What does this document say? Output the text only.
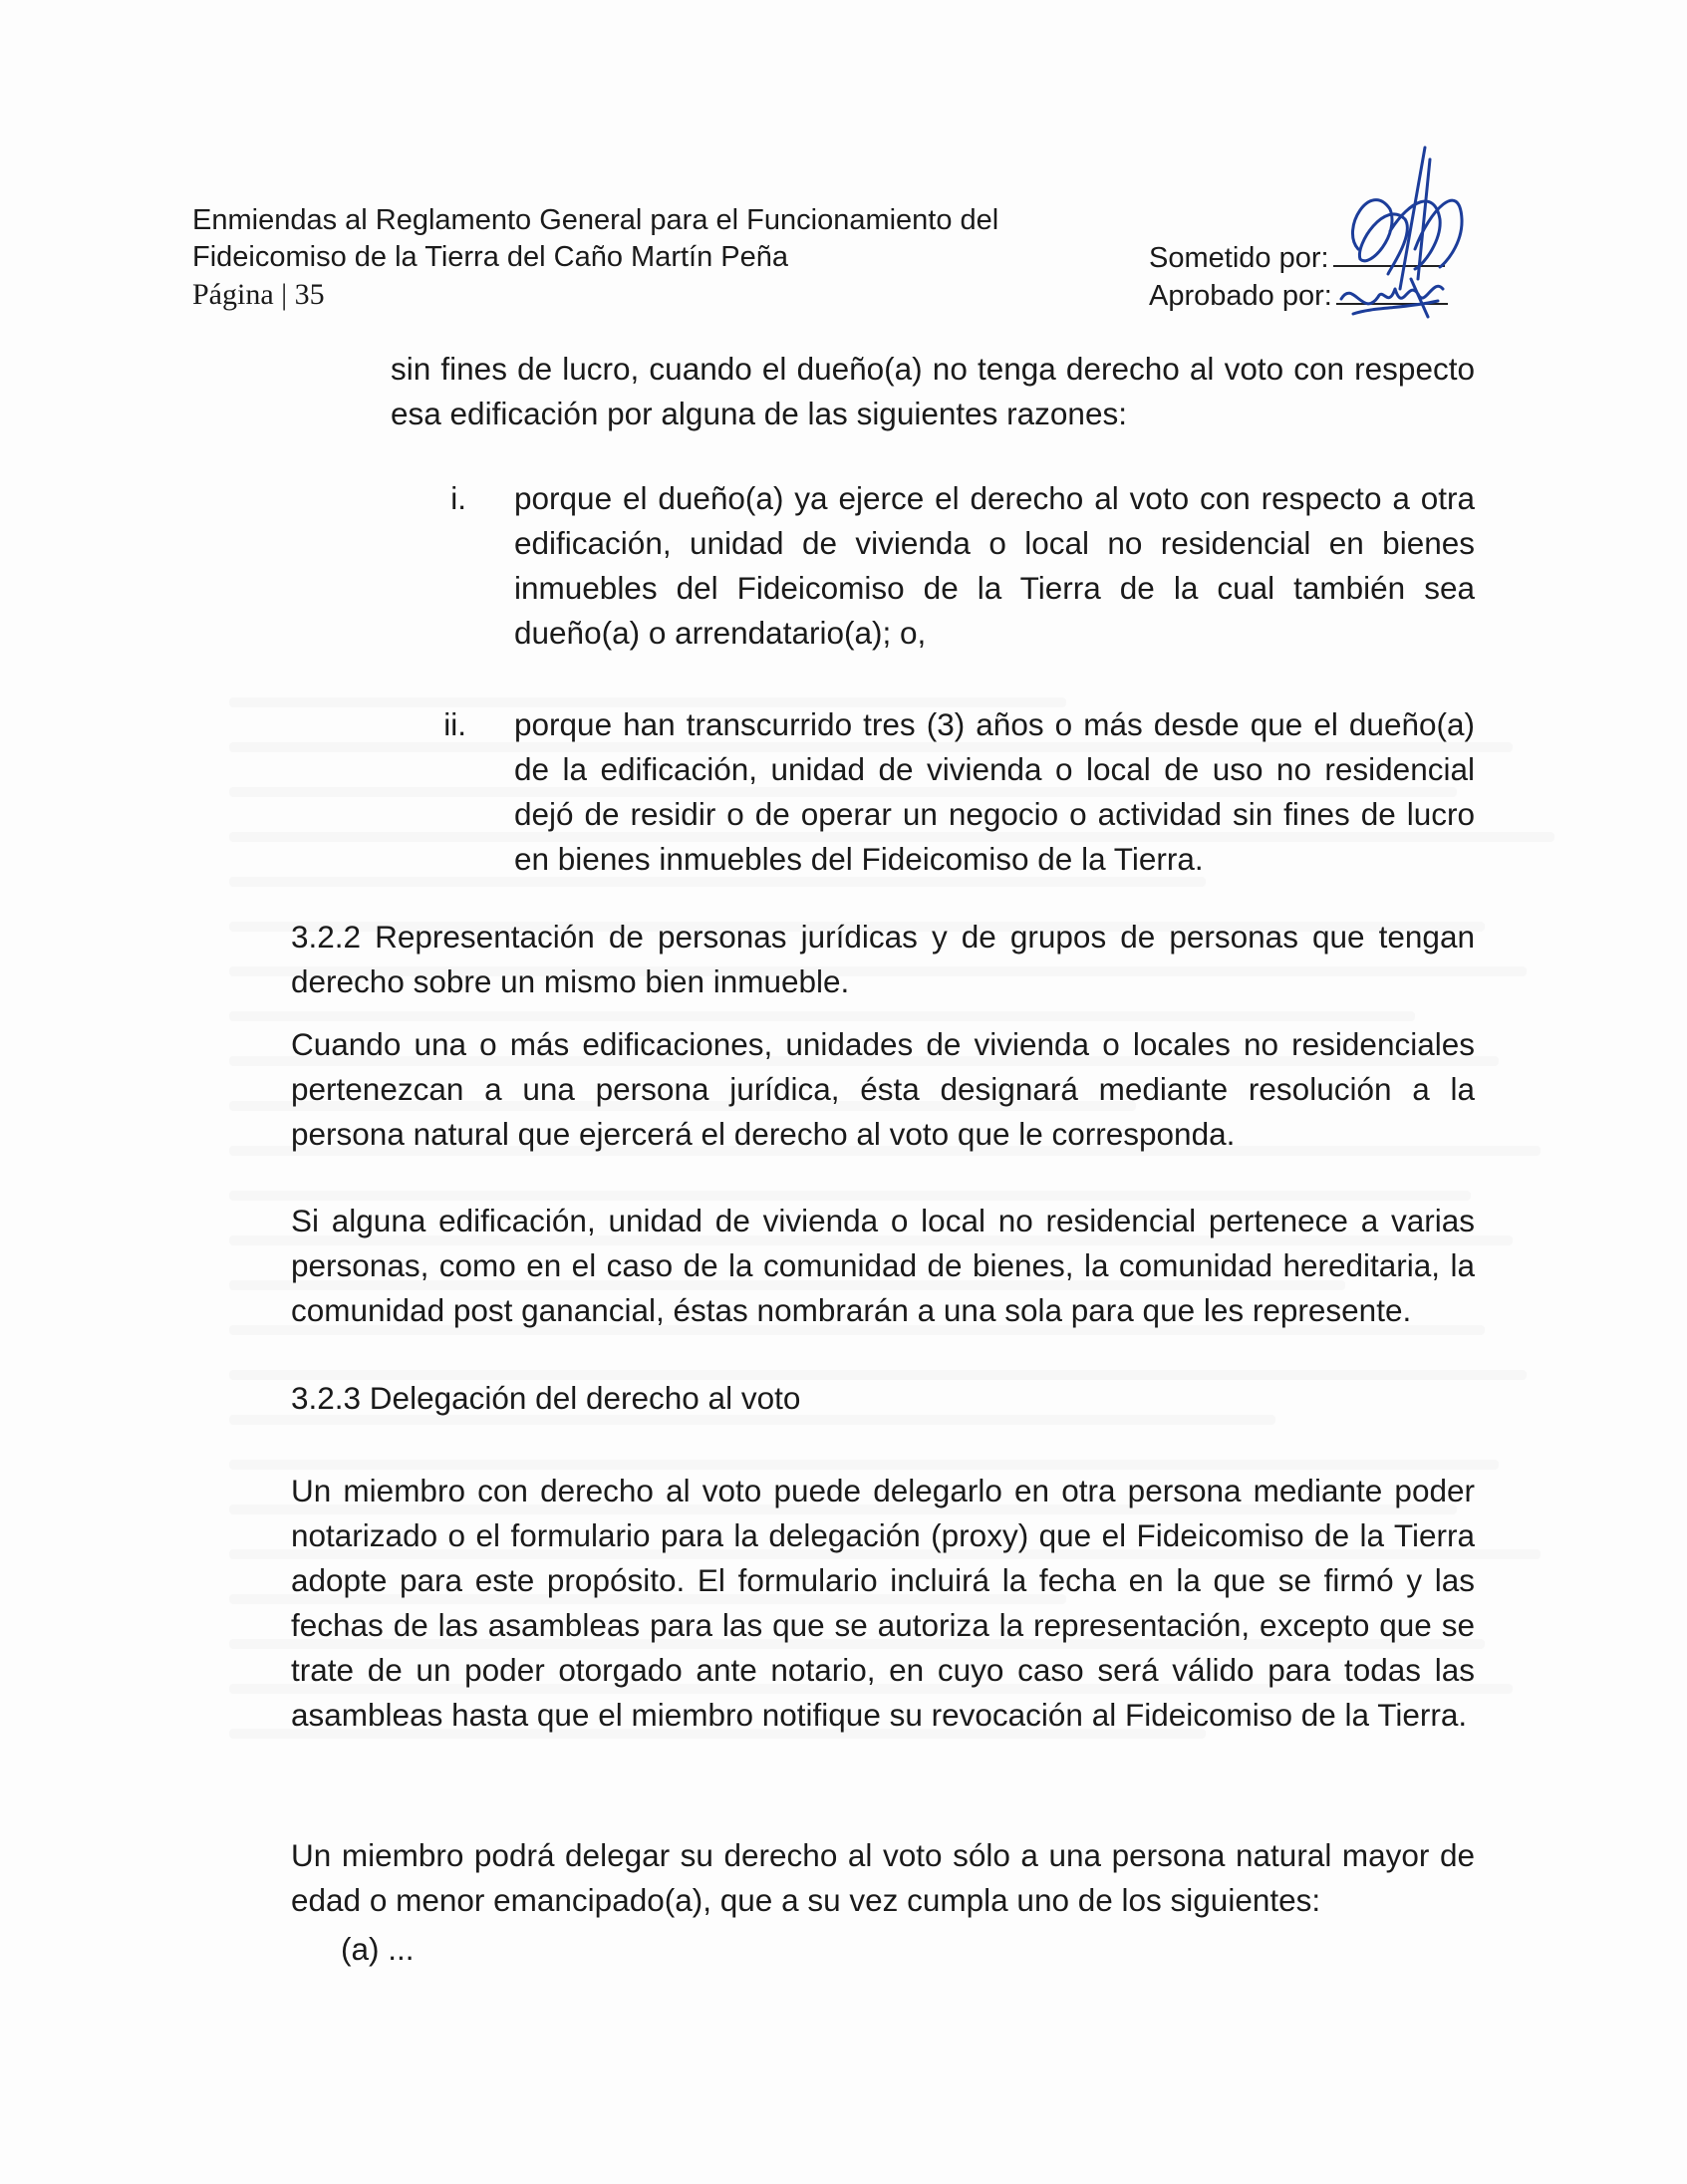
Enmiendas al Reglamento General para el Funcionamiento del
Fideicomiso de la Tierra del Caño Martín Peña
Página | 35
Sometido por:
Aprobado por:
sin fines de lucro, cuando el dueño(a) no tenga derecho al voto con respecto esa edificación por alguna de las siguientes razones:
i. porque el dueño(a) ya ejerce el derecho al voto con respecto a otra edificación, unidad de vivienda o local no residencial en bienes inmuebles del Fideicomiso de la Tierra de la cual también sea dueño(a) o arrendatario(a); o,
ii. porque han transcurrido tres (3) años o más desde que el dueño(a) de la edificación, unidad de vivienda o local de uso no residencial dejó de residir o de operar un negocio o actividad sin fines de lucro en bienes inmuebles del Fideicomiso de la Tierra.
3.2.2 Representación de personas jurídicas y de grupos de personas que tengan derecho sobre un mismo bien inmueble.
Cuando una o más edificaciones, unidades de vivienda o locales no residenciales pertenezcan a una persona jurídica, ésta designará mediante resolución a la persona natural que ejercerá el derecho al voto que le corresponda.
Si alguna edificación, unidad de vivienda o local no residencial pertenece a varias personas, como en el caso de la comunidad de bienes, la comunidad hereditaria, la comunidad post ganancial, éstas nombrarán a una sola para que les represente.
3.2.3 Delegación del derecho al voto
Un miembro con derecho al voto puede delegarlo en otra persona mediante poder notarizado o el formulario para la delegación (proxy) que el Fideicomiso de la Tierra adopte para este propósito. El formulario incluirá la fecha en la que se firmó y las fechas de las asambleas para las que se autoriza la representación, excepto que se trate de un poder otorgado ante notario, en cuyo caso será válido para todas las asambleas hasta que el miembro notifique su revocación al Fideicomiso de la Tierra.
Un miembro podrá delegar su derecho al voto sólo a una persona natural mayor de edad o menor emancipado(a), que a su vez cumpla uno de los siguientes:
(a) ...
